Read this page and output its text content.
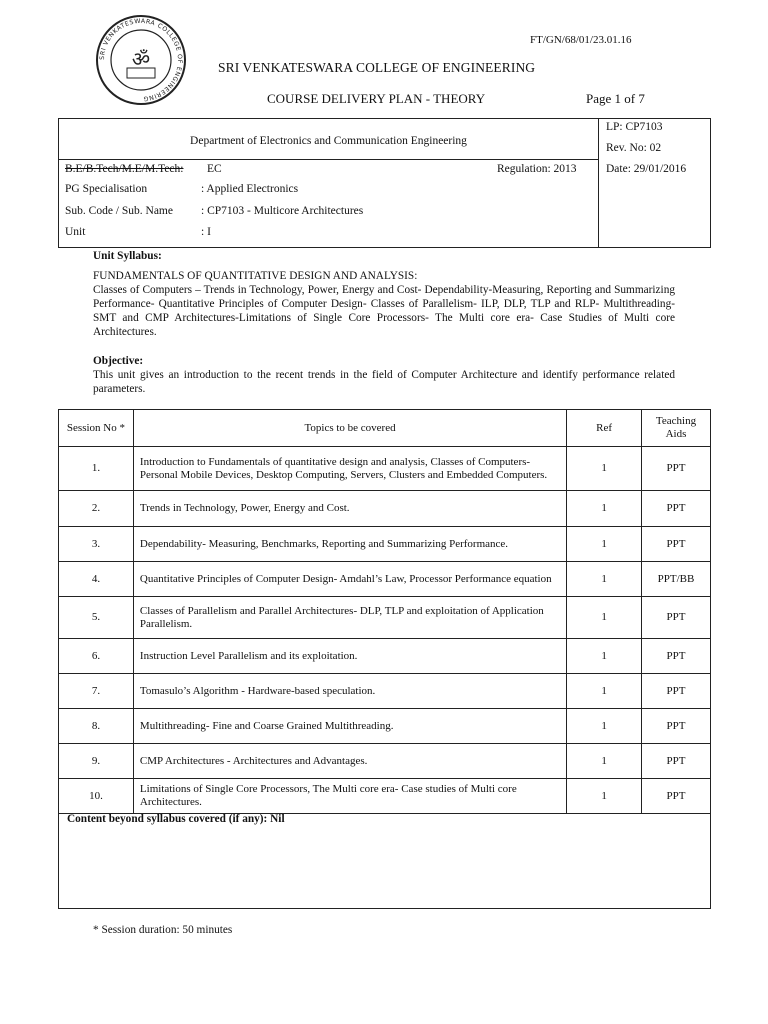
SRI VENKATESWARA COLLEGE OF ENGINEERING
ॐ
FT/GN/68/01/23.01.16
SRI VENKATESWARA COLLEGE OF ENGINEERING
COURSE DELIVERY PLAN - THEORY	Page 1 of 7
Department of Electronics and Communication Engineering
LP: CP7103
Rev. No: 02
Date: 29/01/2016
B.E/B.Tech/M.E/M.Tech: EC	Regulation: 2013
PG Specialisation	: Applied Electronics
Sub. Code / Sub. Name : CP7103 - Multicore Architectures
Unit	: I
Unit Syllabus:
FUNDAMENTALS OF QUANTITATIVE DESIGN AND ANALYSIS:
Classes of Computers – Trends in Technology, Power, Energy and Cost- Dependability-Measuring, Reporting and Summarizing Performance- Quantitative Principles of Computer Design- Classes of Parallelism- ILP, DLP, TLP and RLP- Multithreading- SMT and CMP Architectures-Limitations of Single Core Processors- The Multi core era- Case Studies of Multi core Architectures.
Objective:
This unit gives an introduction to the recent trends in the field of Computer Architecture and identify performance related parameters.
Session No *	Topics to be covered	Ref	Teaching Aids
1.	Introduction to Fundamentals of quantitative design and analysis, Classes of Computers- Personal Mobile Devices, Desktop Computing, Servers, Clusters and Embedded Computers.	1	PPT
2.	Trends in Technology, Power, Energy and Cost.	1	PPT
3.	Dependability- Measuring, Benchmarks, Reporting and Summarizing Performance.	1	PPT
4.	Quantitative Principles of Computer Design- Amdahl’s Law, Processor Performance equation	1	PPT/BB
5.	Classes of Parallelism and Parallel Architectures- DLP, TLP and exploitation of Application Parallelism.	1	PPT
6.	Instruction Level Parallelism and its exploitation.	1	PPT
7.	Tomasulo’s Algorithm - Hardware-based speculation.	1	PPT
8.	Multithreading- Fine and Coarse Grained Multithreading.	1	PPT
9.	CMP Architectures - Architectures and Advantages.	1	PPT
10.	Limitations of Single Core Processors, The Multi core era- Case studies of Multi core Architectures.	1	PPT
Content beyond syllabus covered (if any): Nil
* Session duration: 50 minutes
